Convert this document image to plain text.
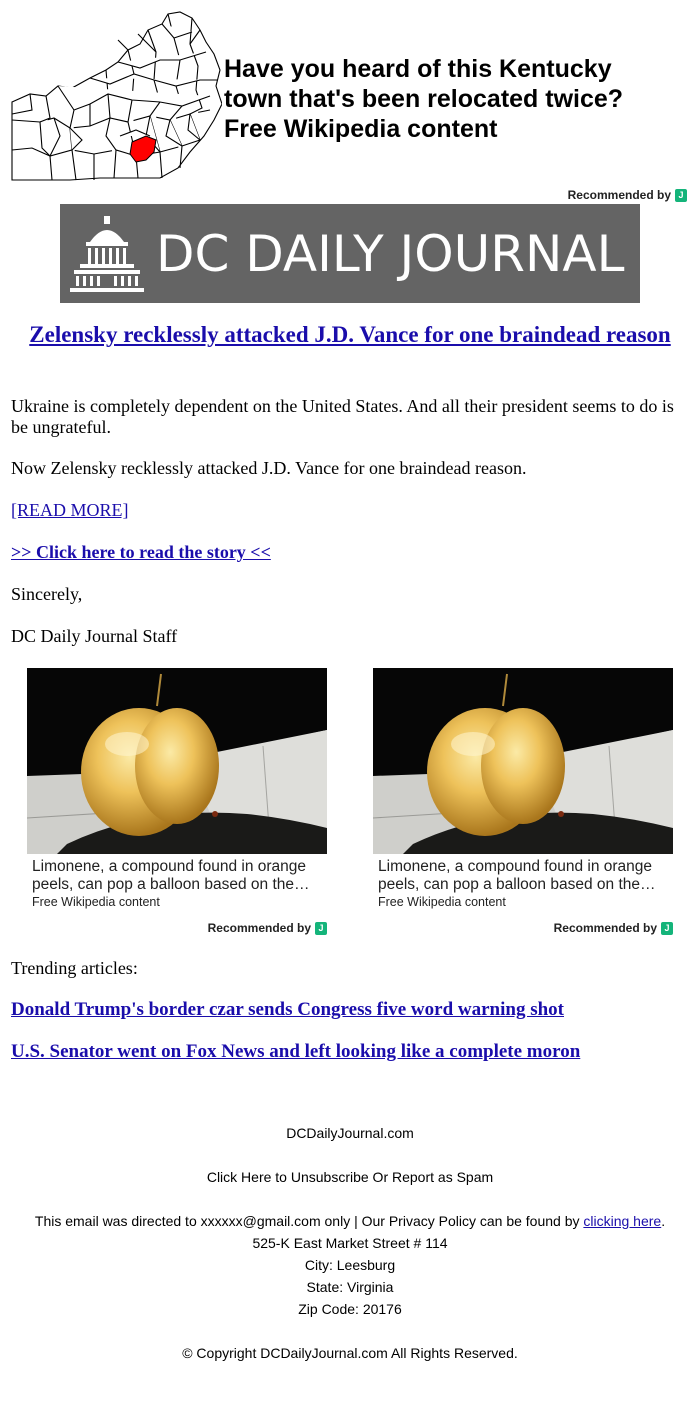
Have you heard of this Kentucky
town that's been relocated twice?
Free Wikipedia content
Recommended by J
DC DAILY JOURNAL
Zelensky recklessly attacked J.D. Vance for one braindead reason
Ukraine is completely dependent on the United States. And all their president seems to do is be ungrateful.
Now Zelensky recklessly attacked J.D. Vance for one braindead reason.
[READ MORE]
>> Click here to read the story <<
Sincerely,
DC Daily Journal Staff
Limonene, a compound found in orange peels, can pop a balloon based on the…
Free Wikipedia content
Recommended by J
Limonene, a compound found in orange peels, can pop a balloon based on the…
Free Wikipedia content
Recommended by J
Trending articles:
Donald Trump's border czar sends Congress five word warning shot
U.S. Senator went on Fox News and left looking like a complete moron
DCDailyJournal.com
Click Here to Unsubscribe Or Report as Spam
This email was directed to xxxxxx@gmail.com only | Our Privacy Policy can be found by clicking here.
525-K East Market Street # 114
City: Leesburg
State: Virginia
Zip Code: 20176
© Copyright DCDailyJournal.com All Rights Reserved.
